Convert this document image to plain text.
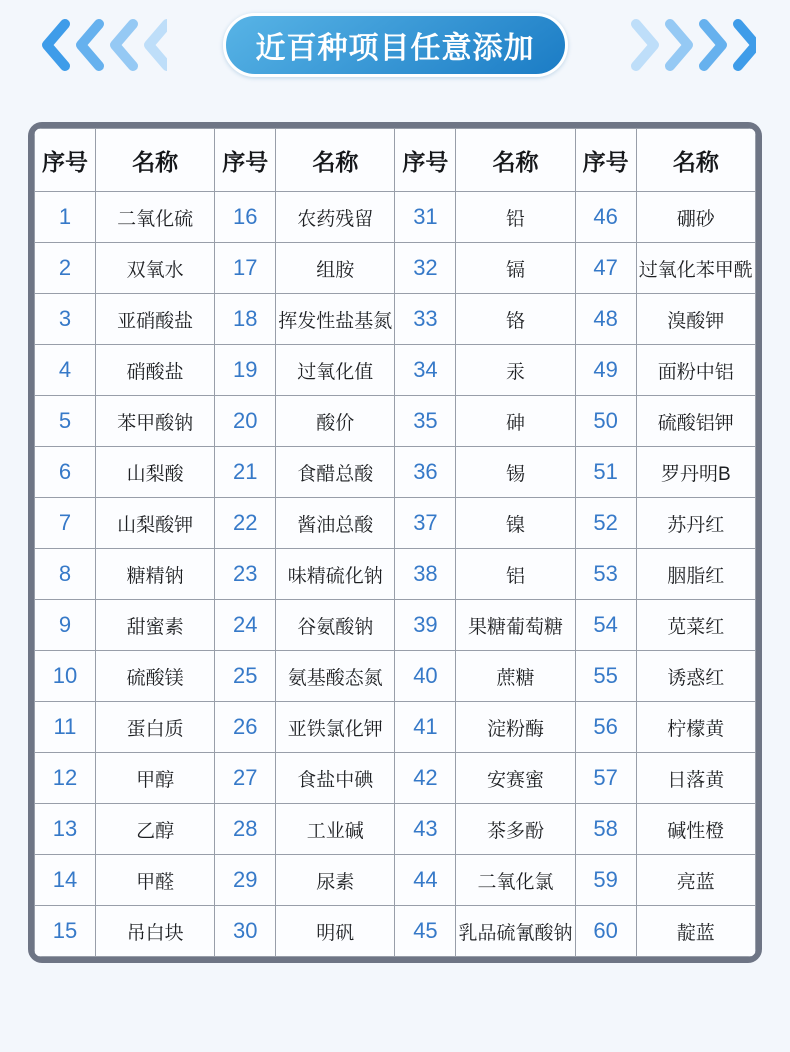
近百种项目任意添加
序号	名称	序号	名称	序号	名称	序号	名称
1	二氧化硫	16	农药残留	31	铅	46	硼砂
2	双氧水	17	组胺	32	镉	47	过氧化苯甲酰
3	亚硝酸盐	18	挥发性盐基氮	33	铬	48	溴酸钾
4	硝酸盐	19	过氧化值	34	汞	49	面粉中铝
5	苯甲酸钠	20	酸价	35	砷	50	硫酸铝钾
6	山梨酸	21	食醋总酸	36	锡	51	罗丹明B
7	山梨酸钾	22	酱油总酸	37	镍	52	苏丹红
8	糖精钠	23	味精硫化钠	38	铝	53	胭脂红
9	甜蜜素	24	谷氨酸钠	39	果糖葡萄糖	54	苋菜红
10	硫酸镁	25	氨基酸态氮	40	蔗糖	55	诱惑红
11	蛋白质	26	亚铁氯化钾	41	淀粉酶	56	柠檬黄
12	甲醇	27	食盐中碘	42	安赛蜜	57	日落黄
13	乙醇	28	工业碱	43	茶多酚	58	碱性橙
14	甲醛	29	尿素	44	二氧化氯	59	亮蓝
15	吊白块	30	明矾	45	乳品硫氰酸钠	60	靛蓝
